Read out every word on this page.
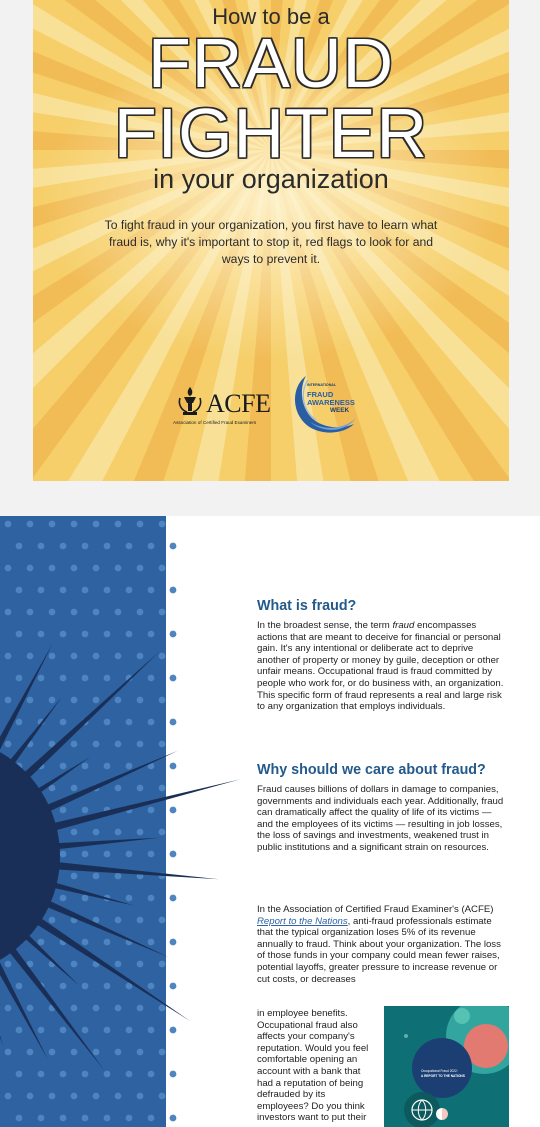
How to be a
FRAUD
FIGHTER
in your organization

To fight fraud in your organization, you first have to learn what fraud is, why it's important to stop it, red flags to look for and ways to prevent it.

ACFE
Association of Certified Fraud Examiners
INTERNATIONAL
FRAUD
AWARENESS
WEEK
What is fraud?

In the broadest sense, the term fraud encompasses actions that are meant to deceive for financial or personal gain. It's any intentional or deliberate act to deprive another of property or money by guile, deception or other unfair means. Occupational fraud is fraud committed by people who work for, or do business with, an organization. This specific form of fraud represents a real and large risk to any organization that employs individuals.

Why should we care about fraud?

Fraud causes billions of dollars in damage to companies, governments and individuals each year. Additionally, fraud can dramatically affect the quality of life of its victims — and the employees of its victims — resulting in job losses, the loss of savings and investments, weakened trust in public institutions and a significant strain on resources.

In the Association of Certified Fraud Examiner's (ACFE) Report to the Nations, anti-fraud professionals estimate that the typical organization loses 5% of its revenue annually to fraud. Think about your organization. The loss of those funds in your company could mean fewer raises, potential layoffs, greater pressure to increase revenue or cut costs, or decreases

in employee benefits. Occupational fraud also affects your company's reputation. Would you feel comfortable opening an account with a bank that had a reputation of being defrauded by its employees? Do you think investors want to put their

Occupational Fraud 2022:
A REPORT TO THE NATIONS
